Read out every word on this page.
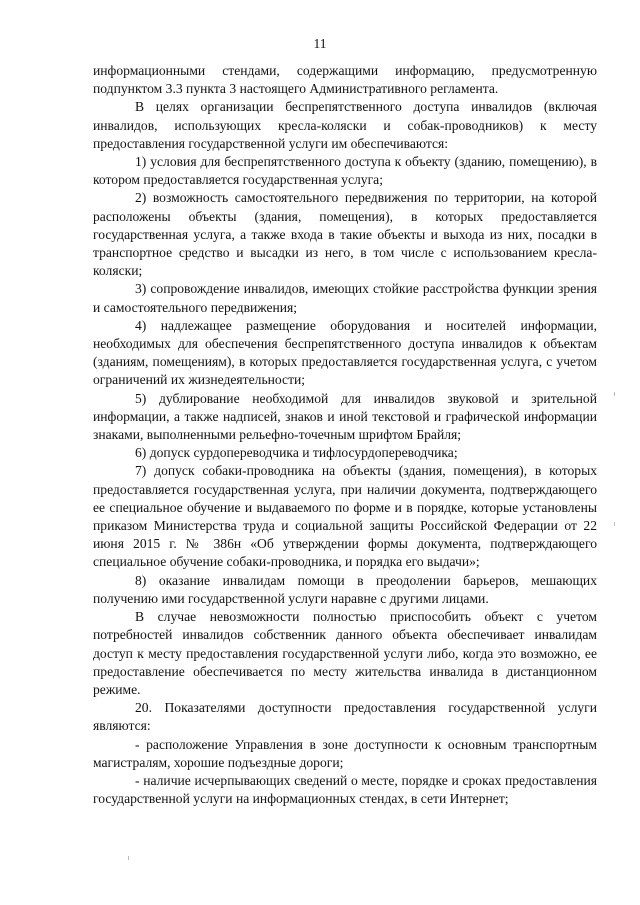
11

информационными стендами, содержащими информацию, предусмотренную подпунктом 3.3 пункта 3 настоящего Административного регламента.

В целях организации беспрепятственного доступа инвалидов (включая инвалидов, использующих кресла-коляски и собак-проводников) к месту предоставления государственной услуги им обеспечиваются:

1) условия для беспрепятственного доступа к объекту (зданию, помещению), в котором предоставляется государственная услуга;

2) возможность самостоятельного передвижения по территории, на которой расположены объекты (здания, помещения), в которых предоставляется государственная услуга, а также входа в такие объекты и выхода из них, посадки в транспортное средство и высадки из него, в том числе с использованием кресла-коляски;

3) сопровождение инвалидов, имеющих стойкие расстройства функции зрения и самостоятельного передвижения;

4) надлежащее размещение оборудования и носителей информации, необходимых для обеспечения беспрепятственного доступа инвалидов к объектам (зданиям, помещениям), в которых предоставляется государственная услуга, с учетом ограничений их жизнедеятельности;

5) дублирование необходимой для инвалидов звуковой и зрительной информации, а также надписей, знаков и иной текстовой и графической информации знаками, выполненными рельефно-точечным шрифтом Брайля;

6) допуск сурдопереводчика и тифлосурдопереводчика;

7) допуск собаки-проводника на объекты (здания, помещения), в которых предоставляется государственная услуга, при наличии документа, подтверждающего ее специальное обучение и выдаваемого по форме и в порядке, которые установлены приказом Министерства труда и социальной защиты Российской Федерации от 22 июня 2015 г. № 386н «Об утверждении формы документа, подтверждающего специальное обучение собаки-проводника, и порядка его выдачи»;

8) оказание инвалидам помощи в преодолении барьеров, мешающих получению ими государственной услуги наравне с другими лицами.

В случае невозможности полностью приспособить объект с учетом потребностей инвалидов собственник данного объекта обеспечивает инвалидам доступ к месту предоставления государственной услуги либо, когда это возможно, ее предоставление обеспечивается по месту жительства инвалида в дистанционном режиме.

20. Показателями доступности предоставления государственной услуги являются:

- расположение Управления в зоне доступности к основным транспортным магистралям, хорошие подъездные дороги;

- наличие исчерпывающих сведений о месте, порядке и сроках предоставления государственной услуги на информационных стендах, в сети Интернет;
